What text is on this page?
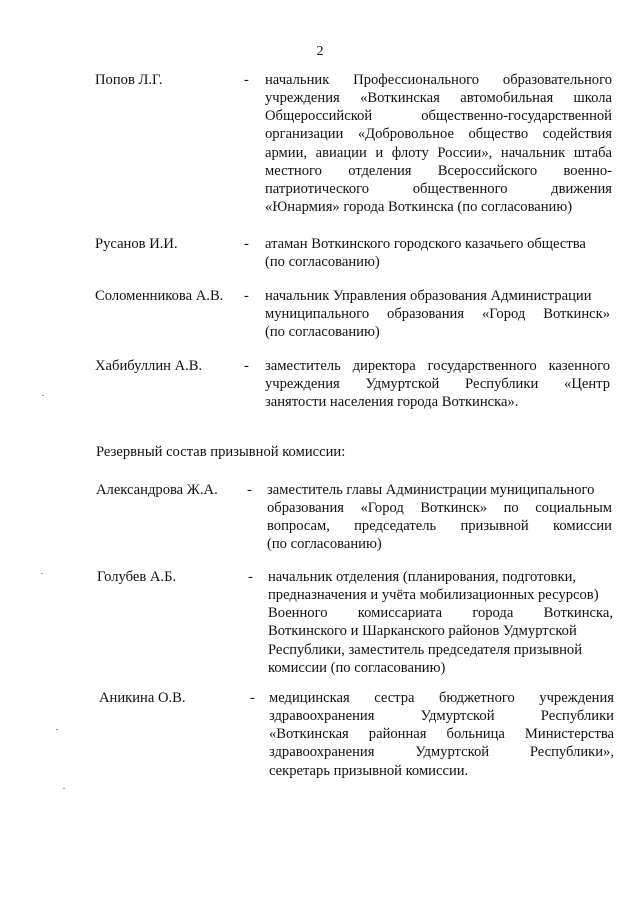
2
Попов Л.Г.	- начальник Профессионального образовательного
учреждения «Воткинская автомобильная школа
Общероссийской общественно-государственной
организации «Добровольное общество содействия
армии, авиации и флоту России», начальник штаба
местного отделения Всероссийского военно-
патриотического общественного движения
«Юнармия» города Воткинска (по согласованию)
Русанов И.И.	- атаман Воткинского городского казачьего общества
(по согласованию)
Соломенникова А.В. - начальник Управления образования Администрации
муниципального образования «Город Воткинск»
(по согласованию)
Хабибуллин А.В.	- заместитель директора государственного казенного
учреждения Удмуртской Республики «Центр
занятости населения города Воткинска».
Резервный состав призывной комиссии:
Александрова Ж.А. - заместитель главы Администрации муниципального
образования «Город Воткинск» по социальным
вопросам, председатель призывной комиссии
(по согласованию)
Голубев А.Б.	- начальник отделения (планирования, подготовки,
предназначения и учёта мобилизационных ресурсов)
Военного комиссариата города Воткинска,
Воткинского и Шарканского районов Удмуртской
Республики, заместитель председателя призывной
комиссии (по согласованию)
Аникина О.В.	- медицинская сестра бюджетного учреждения
здравоохранения Удмуртской Республики
«Воткинская районная больница Министерства
здравоохранения Удмуртской Республики»,
секретарь призывной комиссии.
